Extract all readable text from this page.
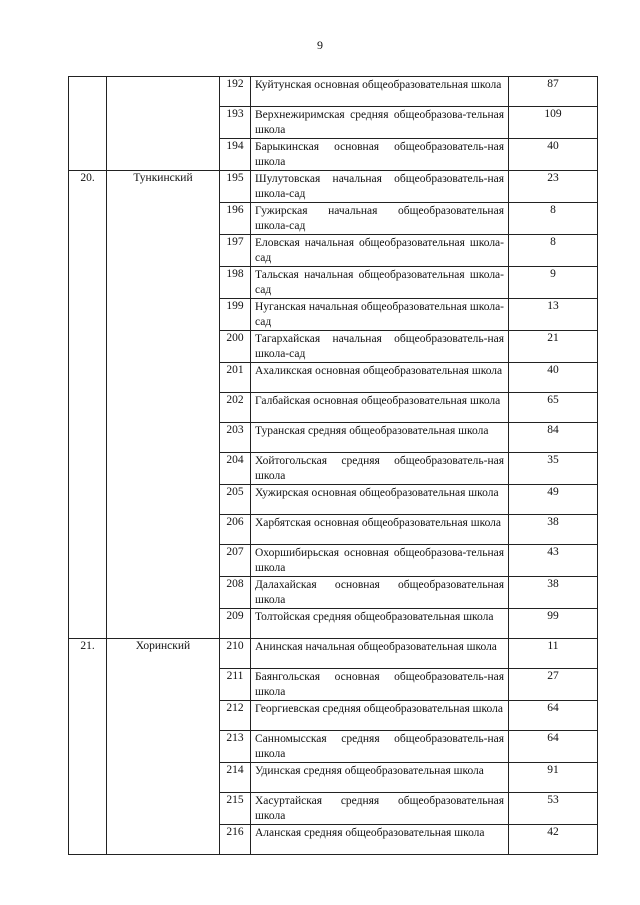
9
		192	Куйтунская основная общеобразовательная школа	87
		193	Верхнежиримская средняя общеобразова-тельная школа	109
		194	Барыкинская основная общеобразователь-ная школа	40
20.	Тункинский	195	Шулутовская начальная общеобразователь-ная школа-сад	23
		196	Гужирская начальная общеобразовательная школа-сад	8
		197	Еловская начальная общеобразовательная школа-сад	8
		198	Тальская начальная общеобразовательная школа-сад	9
		199	Нуганская начальная общеобразовательная школа-сад	13
		200	Тагархайская начальная общеобразователь-ная школа-сад	21
		201	Ахаликская основная общеобразовательная школа	40
		202	Галбайская основная общеобразовательная школа	65
		203	Туранская средняя общеобразовательная школа	84
		204	Хойтогольская средняя общеобразователь-ная школа	35
		205	Хужирская основная общеобразовательная школа	49
		206	Харбятская основная общеобразовательная школа	38
		207	Охоршибирьская основная общеобразова-тельная школа	43
		208	Далахайская основная общеобразовательная школа	38
		209	Толтойская средняя общеобразовательная школа	99
21.	Хоринский	210	Анинская начальная общеобразовательная школа	11
		211	Баянгольская основная общеобразователь-ная школа	27
		212	Георгиевская средняя общеобразовательная школа	64
		213	Санномысская средняя общеобразователь-ная школа	64
		214	Удинская средняя общеобразовательная школа	91
		215	Хасуртайская средняя общеобразовательная школа	53
		216	Аланская средняя общеобразовательная школа	42
